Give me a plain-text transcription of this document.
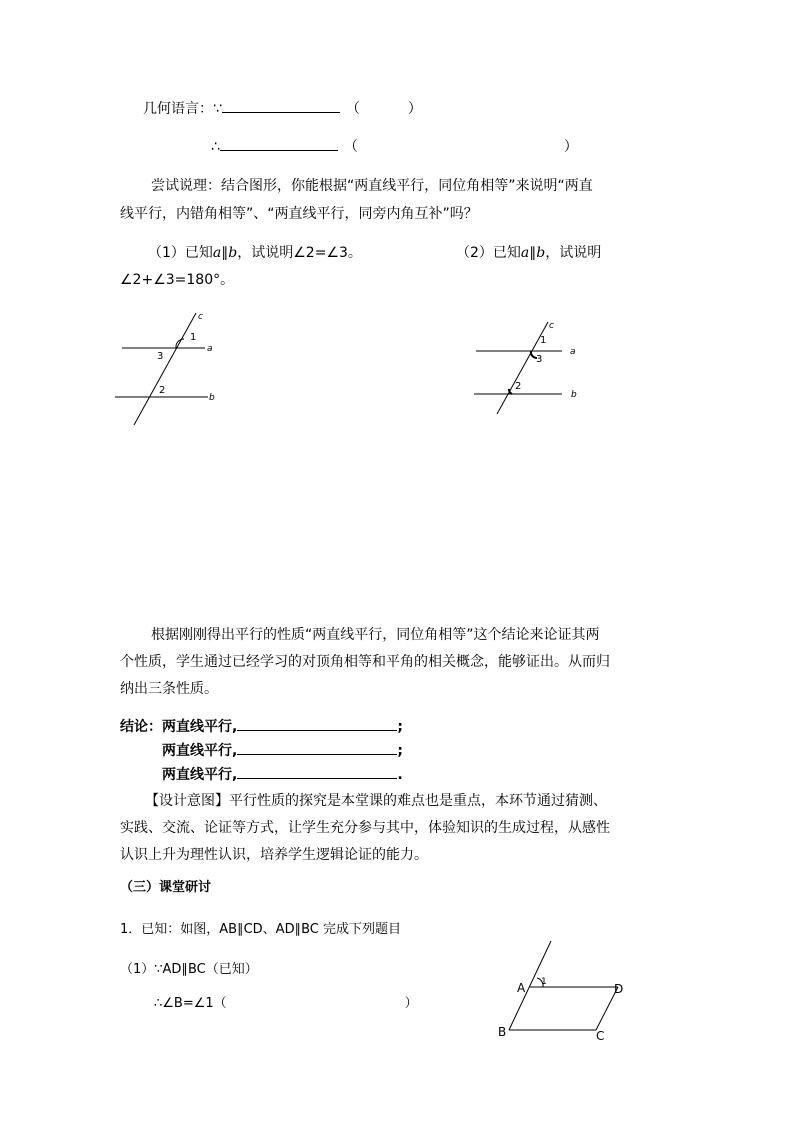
几何语言：∵	（	）
∴	（	）
尝试说理：结合图形，你能根据“两直线平行，同位角相等”来说明“两直
线平行，内错角相等”、“两直线平行，同旁内角互补”吗？
（1）已知a∥b，试说明∠2=∠3。	（2）已知a∥b，试说明
∠2+∠3=180°。
c
a
b
1
3
2
c
a
b
1
3
2
根据刚刚得出平行的性质“两直线平行，同位角相等”这个结论来论证其两
个性质，学生通过已经学习的对顶角相等和平角的相关概念，能够证出。从而归
纳出三条性质。
结论：两直线平行,	;
两直线平行,	;
两直线平行,	.
【设计意图】平行性质的探究是本堂课的难点也是重点，本环节通过猜测、
实践、交流、论证等方式，让学生充分参与其中，体验知识的生成过程，从感性
认识上升为理性认识，培养学生逻辑论证的能力。
（三）课堂研讨
1．已知：如图，AB∥CD、AD∥BC 完成下列题目
（1）∵AD∥BC（已知）
∴∠B=∠1（	）
A 1	D
B	C
